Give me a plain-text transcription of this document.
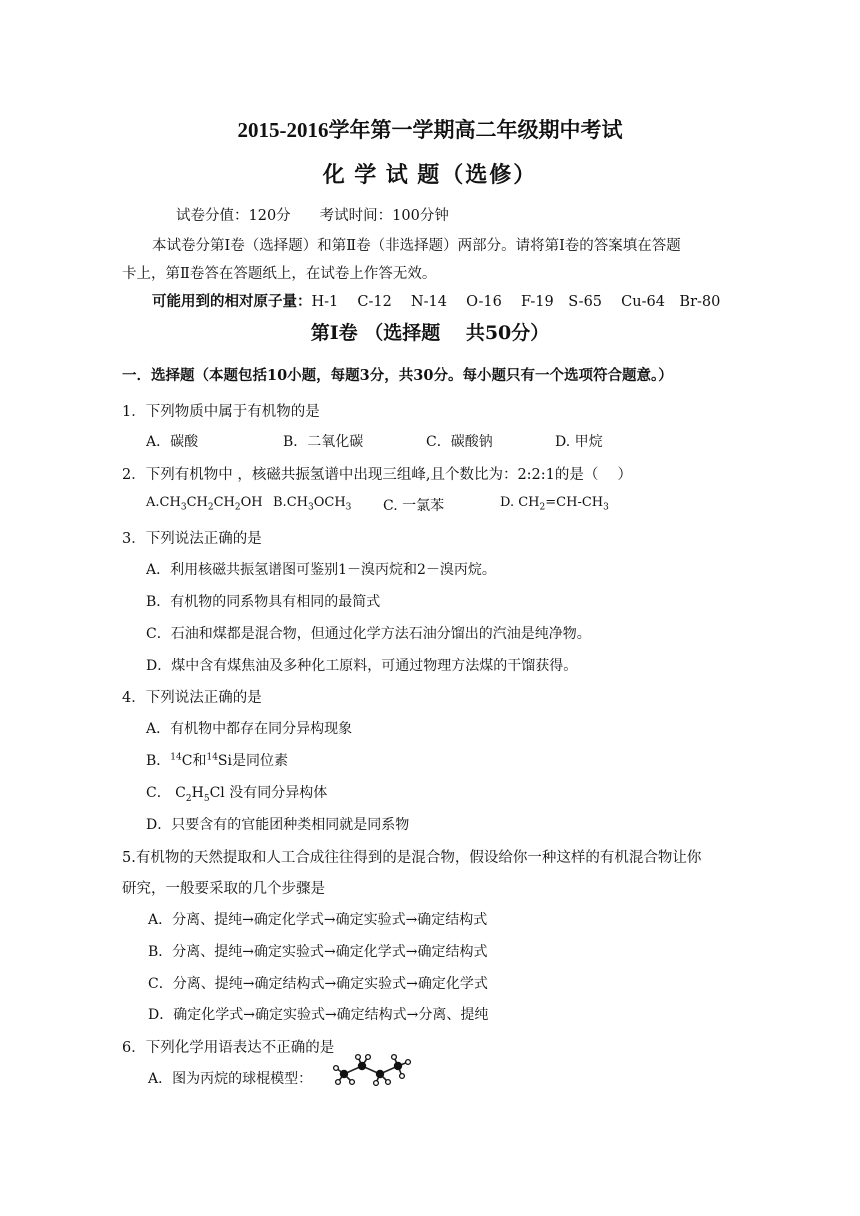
2015-2016学年第一学期高二年级期中考试
化 学 试 题（选修）
试卷分值：120分　　考试时间：100分钟
本试卷分第Ⅰ卷（选择题）和第Ⅱ卷（非选择题）两部分。请将第Ⅰ卷的答案填在答题
卡上，第Ⅱ卷答在答题纸上，在试卷上作答无效。
可能用到的相对原子量：H-1　 C-12　 N-14　 O-16　 F-19　S-65　 Cu-64　Br-80
第Ⅰ卷 （选择题　 共50分）
一．选择题（本题包括10小题，每题3分，共30分。每小题只有一个选项符合题意。）
1．下列物质中属于有机物的是
A．碳酸	B．二氧化碳	C．碳酸钠	D. 甲烷
2．下列有机物中 ，核磁共振氢谱中出现三组峰,且个数比为：2:2:1的是（　 ）
$A.CH_3CH_2CH_2OH$ $B.CH_3OCH_3$ C. 一氯苯	D. $CH_2=CH-CH_3$
3．下列说法正确的是
A．利用核磁共振氢谱图可鉴别1－溴丙烷和2－溴丙烷。
B．有机物的同系物具有相同的最简式
C．石油和煤都是混合物，但通过化学方法石油分馏出的汽油是纯净物。
D．煤中含有煤焦油及多种化工原料，可通过物理方法煤的干馏获得。
4．下列说法正确的是
A．有机物中都存在同分异构现象
B．$^{14}$C和$^{14}$Si是同位素
C． $C_2H_5Cl$ 没有同分异构体
D．只要含有的官能团种类相同就是同系物
5.有机物的天然提取和人工合成往往得到的是混合物，假设给你一种这样的有机混合物让你
研究，一般要采取的几个步骤是
A．分离、提纯→确定化学式→确定实验式→确定结构式
B．分离、提纯→确定实验式→确定化学式→确定结构式
C．分离、提纯→确定结构式→确定实验式→确定化学式
D．确定化学式→确定实验式→确定结构式→分离、提纯
6．下列化学用语表达不正确的是
A．图为丙烷的球棍模型：
